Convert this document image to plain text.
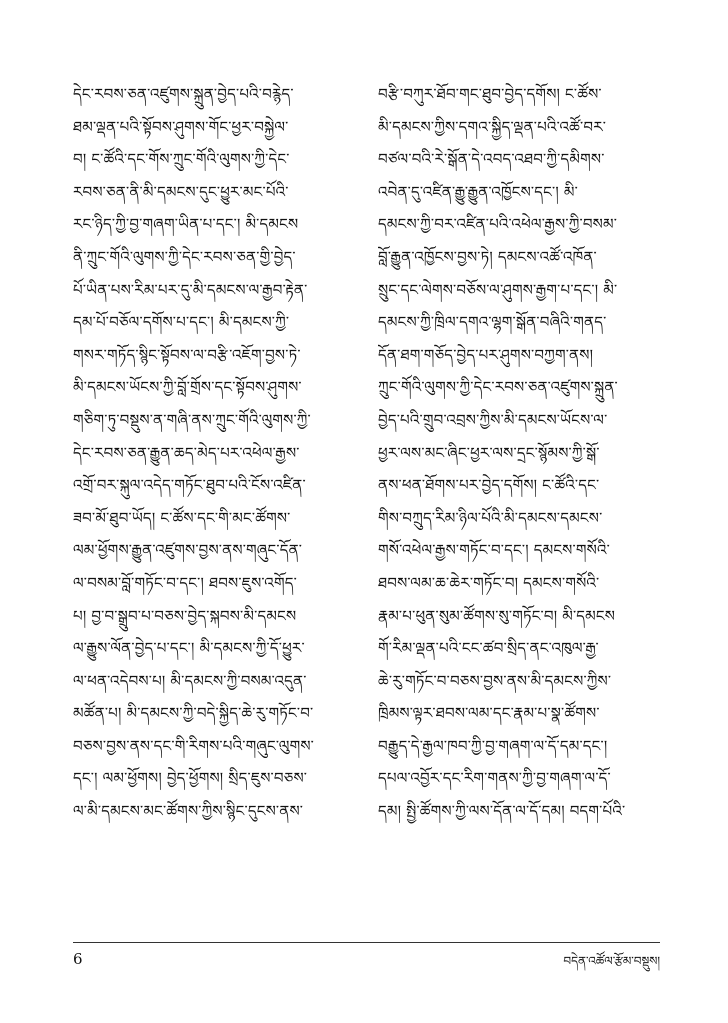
དེང་རབས་ཅན་འཛུགས་སྐྲུན་བྱེད་པའི་བརྙེད་
ཐམ་ལྡན་པའི་སྟོབས་ཤུགས་གོང་ཕྱར་བསྐྱེལ་
བ། ང་ཚོའི་དང་གོས་ཀྲུང་གོའི་ལུགས་ཀྱི་དེང་
རབས་ཅན་ནི་མི་དམངས་དུང་ཕྱུར་མང་པོའི་
རང་ཉིད་ཀྱི་བྱ་གཞག་ཡིན་པ་དང་། མི་དམངས
ནི་ཀྲུང་གོའི་ལུགས་ཀྱི་དེང་རབས་ཅན་གྱི་བྱེད་
པོ་ཡིན་པས་རིམ་པར་དུ་མི་དམངས་ལ་རྒྱབ་རྟེན་
དམ་པོ་བཅོལ་དགོས་པ་དང་། མི་དམངས་ཀྱི་
གསར་གཏོད་སྙིང་སྟོབས་ལ་བརྩི་འཇོག་བྱས་ཏེ་
མི་དམངས་ཡོངས་ཀྱི་བློ་གྲོས་དང་སྟོབས་ཤུགས་
གཅིག་ཏུ་བསྡུས་ན་གཞི་ནས་ཀྲུང་གོའི་ལུགས་ཀྱི་
དེང་རབས་ཅན་རྒྱུན་ཆད་མེད་པར་འཕེལ་རྒྱས་
འགྲོ་བར་སྐུལ་འདེད་གཏོང་ཐུབ་པའི་ངོས་འཛིན་
ཟབ་མོ་ཐུབ་ཡོད། ང་ཚོས་དང་གི་མང་ཚོགས་
ལམ་ཕྱོགས་རྒྱུན་འཛུགས་བྱས་ནས་གཞུང་དོན་
ལ་བསམ་བློ་གཏོང་བ་དང་། ཐབས་ཇུས་འགོད་
པ། བྱ་བ་སྒྲུབ་པ་བཅས་བྱེད་སྐབས་མི་དམངས
ལ་རྒྱུས་ལོན་བྱེད་པ་དང་། མི་དམངས་ཀྱི་དོ་ཕྱུར་
ལ་ཕན་འདེབས་པ། མི་དམངས་ཀྱི་བསམ་འདུན་
མཚོན་པ། མི་དམངས་ཀྱི་བདེ་སྐྱིད་ཆེ་རུ་གཏོང་བ་
བཅས་བྱས་ནས་དང་གི་རིགས་པའི་གཞུང་ལུགས་
དང་། ལམ་ཕྱོགས། བྱེད་ཕྱོགས། སྲིད་ཇུས་བཅས་
ལ་མི་དམངས་མང་ཚོགས་ཀྱིས་སྙིང་དུངས་ནས་
བརྩི་བཀུར་ཐོབ་གང་ཐུབ་བྱེད་དགོས། ང་ཚོས་
མི་དམངས་ཀྱིས་དགའ་སྐྱིད་ལྡན་པའི་འཚོ་བར་
བཙལ་བའི་རེ་སྒོན་དེ་འབད་འཐབ་ཀྱི་དམིགས་
འབེན་དུ་འཛིན་རྒྱུ་རྒྱུན་འཁྱོངས་དང་། མི་
དམངས་ཀྱི་བར་འཛིན་པའི་འཕེལ་རྒྱས་ཀྱི་བསམ་
བློ་རྒྱུན་འཁྱོངས་བྱས་ཏེ། དམངས་འཚོ་འཁོན་
སྲུང་དང་ལེགས་བཅོས་ལ་ཤུགས་རྒྱག་པ་དང་། མི་
དམངས་ཀྱི་ཁྲིལ་དགའ་ལྷག་སྒོན་བཞིའི་གནད་
དོན་ཐག་གཅོད་བྱེད་པར་ཤུགས་བཀྱག་ནས།
ཀྲུང་གོའི་ལུགས་ཀྱི་དེང་རབས་ཅན་འཛུགས་སྐྲུན་
བྱེད་པའི་གྲུབ་འབྲས་ཀྱིས་མི་དམངས་ཡོངས་ལ་
ཕྱར་ལས་མང་ཞིང་ཕྱར་ལས་དྲང་སྙོམས་ཀྱི་སྒོ་
ནས་ཕན་ཐོགས་པར་བྱེད་དགོས། ང་ཚོའི་དང་
གིས་བཀྲུད་རིམ་ཉིལ་པོའི་མི་དམངས་དམངས་
གསོ་འཕེལ་རྒྱས་གཏོང་བ་དང་། དམངས་གསོའི་
ཐབས་ལམ་ཆ་ཆེར་གཏོང་བ། དམངས་གསོའི་
རྣམ་པ་ཕུན་སུམ་ཚོགས་སུ་གཏོང་བ། མི་དམངས
གོ་རིམ་ལྡན་པའི་ངང་ཚབ་སྲིད་ནང་འཁུལ་རྒྱ་
ཆེ་རུ་གཏོང་བ་བཅས་བྱས་ནས་མི་དམངས་ཀྱིས་
ཁྲིམས་ལྟར་ཐབས་ལམ་དང་རྣམ་པ་སྣ་ཚོགས་
བརྒྱུད་དེ་རྒྱལ་ཁབ་ཀྱི་བྱ་གཞག་ལ་དོ་དམ་དང་།
དཔལ་འབྱོར་དང་རིག་གནས་ཀྱི་བྱ་གཞག་ལ་དོ་
དམ། སྤྱི་ཚོགས་ཀྱི་ལས་དོན་ལ་དོ་དམ། བདག་པོའི་
6	བདེན་འཚོལ་རྩོམ་བསྡུས།
